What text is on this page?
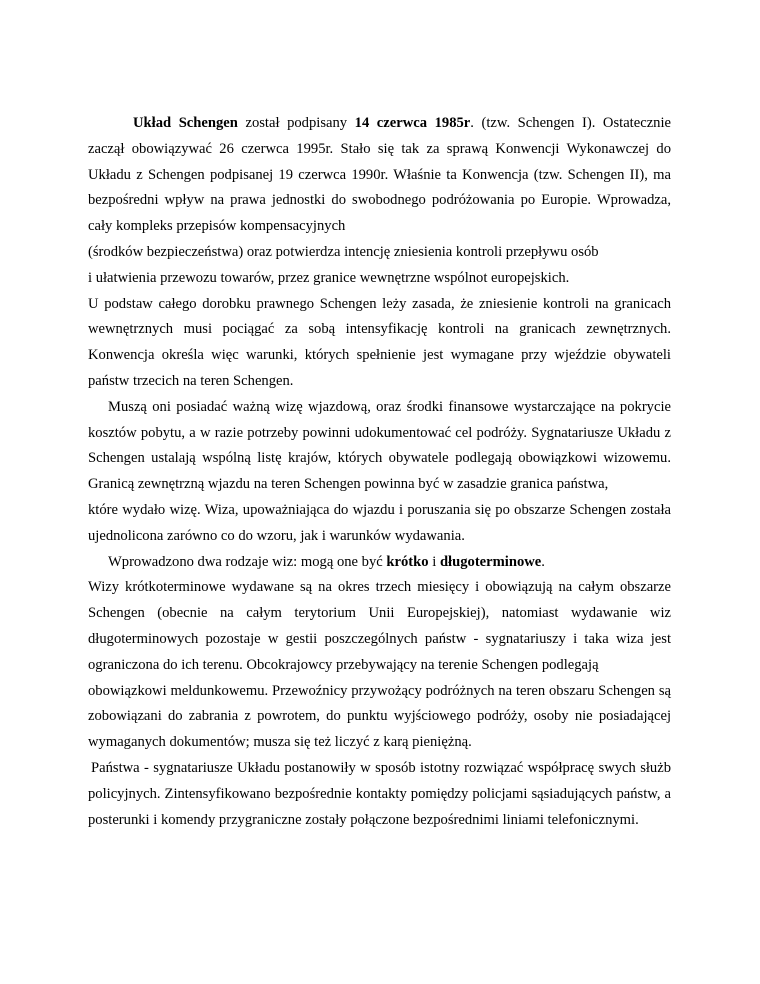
Układ Schengen został podpisany 14 czerwca 1985r. (tzw. Schengen I). Ostatecznie zaczął obowiązywać 26 czerwca 1995r. Stało się tak za sprawą Konwencji Wykonawczej do Układu z Schengen podpisanej 19 czerwca 1990r. Właśnie ta Konwencja (tzw. Schengen II), ma bezpośredni wpływ na prawa jednostki do swobodnego podróżowania po Europie. Wprowadza, cały kompleks przepisów kompensacyjnych

(środków bezpieczeństwa) oraz potwierdza intencję zniesienia kontroli przepływu osób

i ułatwienia przewozu towarów, przez granice wewnętrzne wspólnot europejskich.

U podstaw całego dorobku prawnego Schengen leży zasada, że zniesienie kontroli na granicach wewnętrznych musi pociągać za sobą intensyfikację kontroli na granicach zewnętrznych. Konwencja określa więc warunki, których spełnienie jest wymagane przy wjeździe obywateli państw trzecich na teren Schengen.

Muszą oni posiadać ważną wizę wjazdową, oraz środki finansowe wystarczające na pokrycie kosztów pobytu, a w razie potrzeby powinni udokumentować cel podróży. Sygnatariusze Układu z Schengen ustalają wspólną listę krajów, których obywatele podlegają obowiązkowi wizowemu. Granicą zewnętrzną wjazdu na teren Schengen powinna być w zasadzie granica państwa,

które wydało wizę. Wiza, upoważniająca do wjazdu i poruszania się po obszarze Schengen została ujednolicona zarówno co do wzoru, jak i warunków wydawania.

Wprowadzono dwa rodzaje wiz: mogą one być krótko i długoterminowe.

Wizy krótkoterminowe wydawane są na okres trzech miesięcy i obowiązują na całym obszarze Schengen (obecnie na całym terytorium Unii Europejskiej), natomiast wydawanie wiz długoterminowych pozostaje w gestii poszczególnych państw - sygnatariuszy i taka wiza jest ograniczona do ich terenu. Obcokrajowcy przebywający na terenie Schengen podlegają

obowiązkowi meldunkowemu. Przewoźnicy przywożący podróżnych na teren obszaru Schengen są zobowiązani do zabrania z powrotem, do punktu wyjściowego podróży, osoby nie posiadającej wymaganych dokumentów; musza się też liczyć z karą pieniężną.

Państwa - sygnatariusze Układu postanowiły w sposób istotny rozwiązać współpracę swych służb policyjnych. Zintensyfikowano bezpośrednie kontakty pomiędzy policjami sąsiadujących państw, a posterunki i komendy przygraniczne zostały połączone bezpośrednimi liniami telefonicznymi.
